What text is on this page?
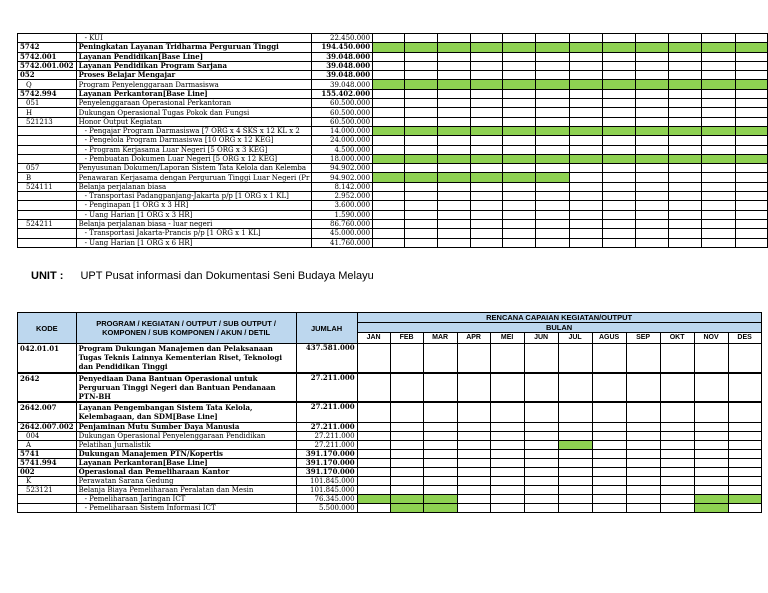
	- KUI	22.450.000												
5742	Peningkatan Layanan Tridharma Perguruan Tinggi	194.450.000												
5742.001	Layanan Pendidikan[Base Line]	39.048.000												
5742.001.002	Layanan Pendidikan Program Sarjana	39.048.000												
052	Proses Belajar Mengajar	39.048.000												
Q	Program Penyelenggaraan Darmasiswa	39.048.000												
5742.994	Layanan Perkantoran[Base Line]	155.402.000												
051	Penyelenggaraan Operasional Perkantoran	60.500.000												
H	Dukungan Operasional Tugas Pokok dan Fungsi	60.500.000												
521213	Honor Output Kegiatan	60.500.000												
	- Pengajar Program Darmasiswa [7 ORG x 4 SKS x 12 KL x 2	14.000.000												
	- Pengelola Program Darmasiswa [10 ORG x 12 KEG]	24.000.000												
	- Program Kerjasama Luar Negeri [5 ORG x 3 KEG]	4.500.000												
	- Pembuatan Dokumen Luar Negeri [5 ORG x 12 KEG]	18.000.000												
057	Penyusunan Dokumen/Laporan Sistem Tata Kelola dan Kelemba	94.902.000												
B	Penawaran Kerjasama dengan Perguruan Tinggi Luar Negeri (Pr	94.902.000												
524111	Belanja perjalanan biasa	8.142.000												
	- Transportasi Padangpanjang-Jakarta p/p [1 ORG x 1 KL]	2.952.000												
	- Penginapan [1 ORG x 3 HR]	3.600.000												
	- Uang Harian [1 ORG x 3 HR]	1.590.000												
524211	Belanja perjalanan biasa - luar negeri	86.760.000												
	- Transportasi Jakarta-Prancis p/p [1 ORG x 1 KL]	45.000.000												
	- Uang Harian [1 ORG x 6 HR]	41.760.000												
UNIT : UPT Pusat informasi dan Dokumentasi Seni Budaya Melayu
KODE	PROGRAM / KEGIATAN / OUTPUT / SUB OUTPUT / KOMPONEN / SUB KOMPONEN / AKUN / DETIL	JUMLAH	RENCANA CAPAIAN KEGIATAN/OUTPUT											
			BULAN											
			JAN	FEB	MAR	APR	MEI	JUN	JUL	AGUS	SEP	OKT	NOV	DES
042.01.01	Program Dukungan Manajemen dan Pelaksanaan Tugas Teknis Lainnya Kementerian Riset, Teknologi dan Pendidikan Tinggi	437.581.000												

2642	Penyediaan Dana Bantuan Operasional untuk Perguruan Tinggi Negeri dan Bantuan Pendanaan PTN-BH	27.211.000												

2642.007	Layanan Pengembangan Sistem Tata Kelola, Kelembagaan, dan SDM[Base Line]	27.211.000												
2642.007.002	Penjaminan Mutu Sumber Daya Manusia	27.211.000												
004	Dukungan Operasional Penyelenggaraan Pendidikan	27.211.000												
A	Pelatihan Jurnalistik	27.211.000												
5741	Dukungan Manajemen PTN/Kopertis	391.170.000												
5741.994	Layanan Perkantoran[Base Line]	391.170.000												
002	Operasional dan Pemeliharaan Kantor	391.170.000												
K	Perawatan Sarana Gedung	101.845.000												
523121	Belanja Biaya Pemeliharaan Peralatan dan Mesin	101.845.000												
	- Pemeliharaan Jaringan ICT	76.345.000												
	- Pemeliharaan Sistem Informasi ICT	5.500.000												
